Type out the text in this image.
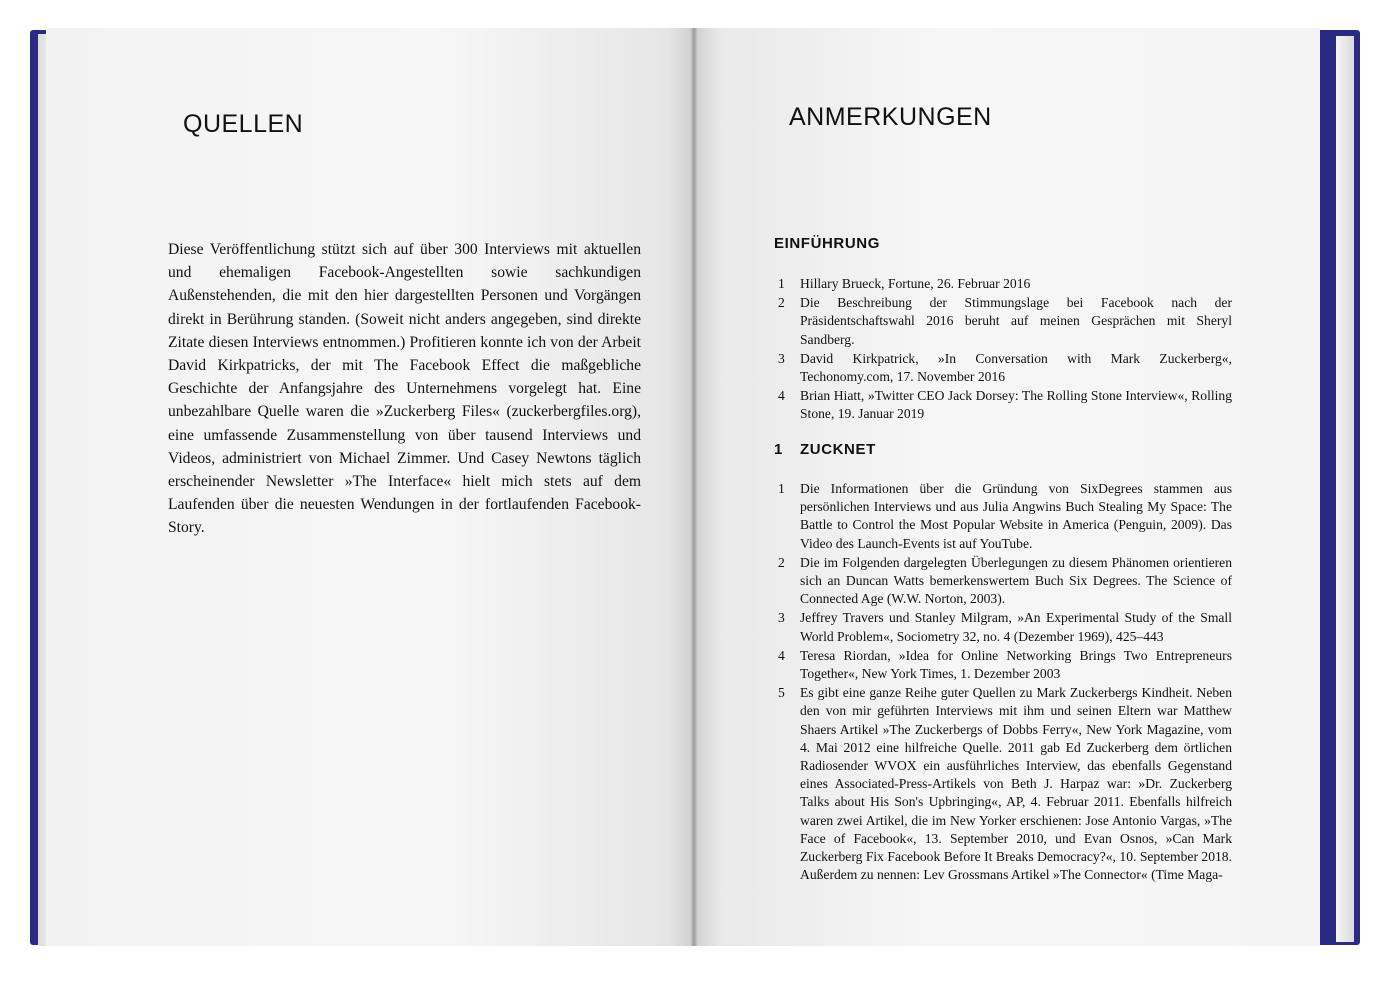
QUELLEN
Diese Veröffentlichung stützt sich auf über 300 Interviews mit aktuellen und ehemaligen Facebook-Angestellten sowie sachkundigen Außenstehenden, die mit den hier dargestellten Personen und Vorgängen direkt in Berührung standen. (Soweit nicht anders angegeben, sind direkte Zitate diesen Interviews entnommen.) Profitieren konnte ich von der Arbeit David Kirkpatricks, der mit The Facebook Effect die maßgebliche Geschichte der Anfangsjahre des Unternehmens vorgelegt hat. Eine unbezahlbare Quelle waren die »Zuckerberg Files« (zuckerbergfiles.org), eine umfassende Zusammenstellung von über tausend Interviews und Videos, administriert von Michael Zimmer. Und Casey Newtons täglich erscheinender Newsletter »The Interface« hielt mich stets auf dem Laufenden über die neuesten Wendungen in der fortlaufenden Facebook-Story.
ANMERKUNGEN
EINFÜHRUNG
1 Hillary Brueck, Fortune, 26. Februar 2016
2 Die Beschreibung der Stimmungslage bei Facebook nach der Präsidentschaftswahl 2016 beruht auf meinen Gesprächen mit Sheryl Sandberg.
3 David Kirkpatrick, »In Conversation with Mark Zuckerberg«, Techonomy.com, 17. November 2016
4 Brian Hiatt, »Twitter CEO Jack Dorsey: The Rolling Stone Interview«, Rolling Stone, 19. Januar 2019
1 ZUCKNET
1 Die Informationen über die Gründung von SixDegrees stammen aus persönlichen Interviews und aus Julia Angwins Buch Stealing My Space: The Battle to Control the Most Popular Website in America (Penguin, 2009). Das Video des Launch-Events ist auf YouTube.
2 Die im Folgenden dargelegten Überlegungen zu diesem Phänomen orientieren sich an Duncan Watts bemerkenswertem Buch Six Degrees. The Science of Connected Age (W.W. Norton, 2003).
3 Jeffrey Travers und Stanley Milgram, »An Experimental Study of the Small World Problem«, Sociometry 32, no. 4 (Dezember 1969), 425–443
4 Teresa Riordan, »Idea for Online Networking Brings Two Entrepreneurs Together«, New York Times, 1. Dezember 2003
5 Es gibt eine ganze Reihe guter Quellen zu Mark Zuckerbergs Kindheit. Neben den von mir geführten Interviews mit ihm und seinen Eltern war Matthew Shaers Artikel »The Zuckerbergs of Dobbs Ferry«, New York Magazine, vom 4. Mai 2012 eine hilfreiche Quelle. 2011 gab Ed Zuckerberg dem örtlichen Radiosender WVOX ein ausführliches Interview, das ebenfalls Gegenstand eines Associated-Press-Artikels von Beth J. Harpaz war: »Dr. Zuckerberg Talks about His Son's Upbringing«, AP, 4. Februar 2011. Ebenfalls hilfreich waren zwei Artikel, die im New Yorker erschienen: Jose Antonio Vargas, »The Face of Facebook«, 13. September 2010, und Evan Osnos, »Can Mark Zuckerberg Fix Facebook Before It Breaks Democracy?«, 10. September 2018. Außerdem zu nennen: Lev Grossmans Artikel »The Connector« (Time Maga-
